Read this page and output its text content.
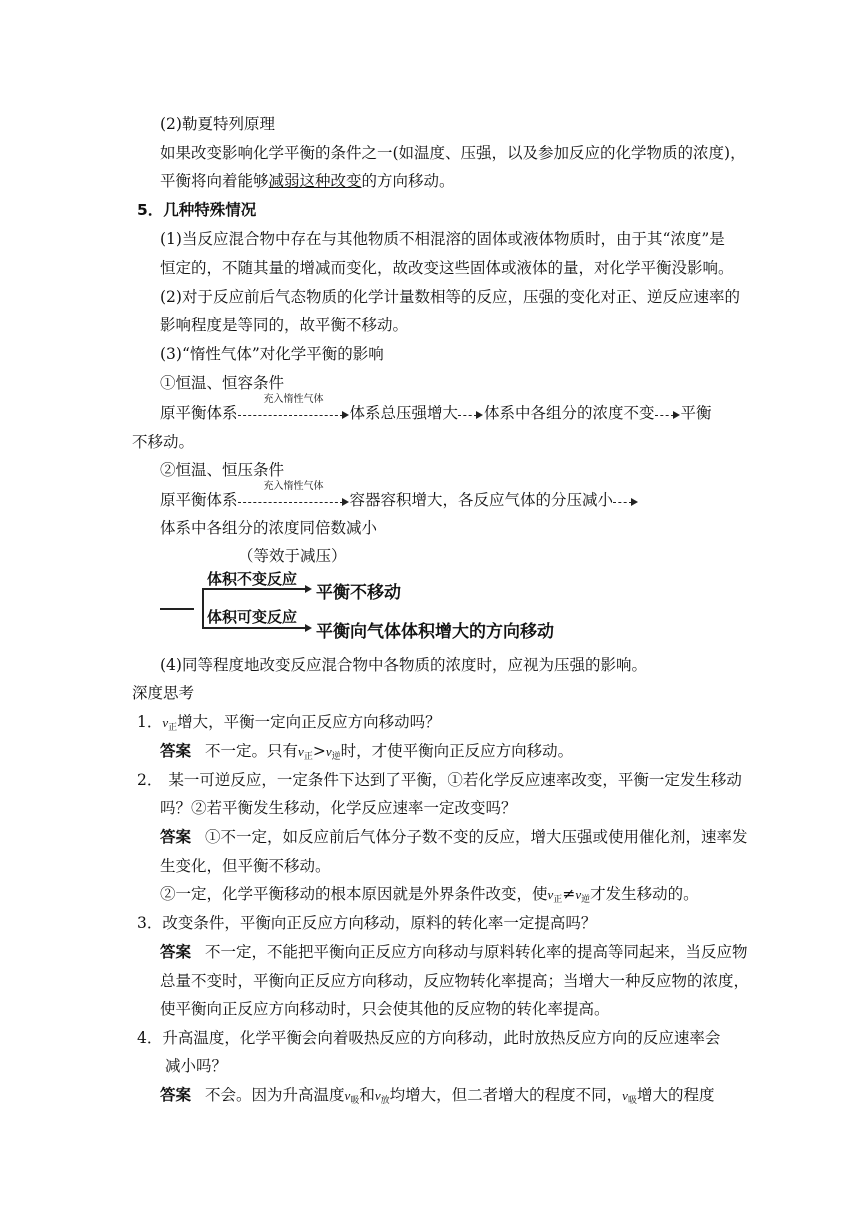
(2)勒夏特列原理
如果改变影响化学平衡的条件之一(如温度、压强，以及参加反应的化学物质的浓度)，
平衡将向着能够减弱这种改变的方向移动。
5．几种特殊情况
(1)当反应混合物中存在与其他物质不相混溶的固体或液体物质时，由于其“浓度”是
恒定的，不随其量的增减而变化，故改变这些固体或液体的量，对化学平衡没影响。
(2)对于反应前后气态物质的化学计量数相等的反应，压强的变化对正、逆反应速率的
影响程度是等同的，故平衡不移动。
(3)“惰性气体”对化学平衡的影响
①恒温、恒容条件
原平衡体系
充入惰性气体
体系总压强增大 体系中各组分的浓度不变 平衡
不移动。
②恒温、恒压条件
原平衡体系
充入惰性气体
容器容积增大，各反应气体的分压减小
体系中各组分的浓度同倍数减小
（等效于减压）
体积不变反应
平衡不移动
体积可变反应
平衡向气体体积增大的方向移动
(4)同等程度地改变反应混合物中各物质的浓度时，应视为压强的影响。
深度思考
1．$v_正$增大，平衡一定向正反应方向移动吗？
答案 不一定。只有$v_正>v_逆$时，才使平衡向正反应方向移动。
2． 某一可逆反应，一定条件下达到了平衡，①若化学反应速率改变，平衡一定发生移动
吗？②若平衡发生移动，化学反应速率一定改变吗？
答案 ①不一定，如反应前后气体分子数不变的反应，增大压强或使用催化剂，速率发
生变化，但平衡不移动。
②一定，化学平衡移动的根本原因就是外界条件改变，使$v_正\ne v_逆$才发生移动的。
3．改变条件，平衡向正反应方向移动，原料的转化率一定提高吗？
答案 不一定，不能把平衡向正反应方向移动与原料转化率的提高等同起来，当反应物
总量不变时，平衡向正反应方向移动，反应物转化率提高；当增大一种反应物的浓度，
使平衡向正反应方向移动时，只会使其他的反应物的转化率提高。
4．升高温度，化学平衡会向着吸热反应的方向移动，此时放热反应方向的反应速率会
减小吗？
答案 不会。因为升高温度$v_吸$和$v_放$均增大，但二者增大的程度不同，$v_吸$增大的程度
